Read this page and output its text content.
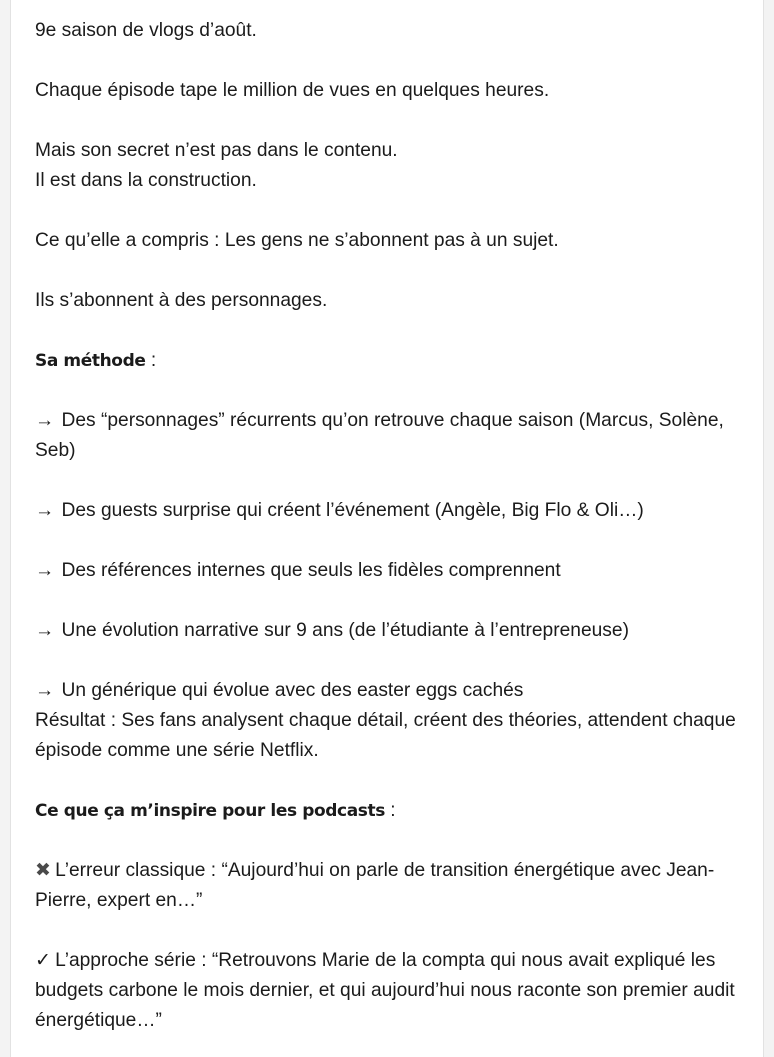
9e saison de vlogs d’août.

Chaque épisode tape le million de vues en quelques heures.

Mais son secret n’est pas dans le contenu.
Il est dans la construction.

Ce qu’elle a compris : Les gens ne s’abonnent pas à un sujet.

Ils s’abonnent à des personnages.

Sa méthode :

→ Des “personnages” récurrents qu’on retrouve chaque saison (Marcus, Solène, Seb)

→ Des guests surprise qui créent l’événement (Angèle, Big Flo & Oli…)

→ Des références internes que seuls les fidèles comprennent

→ Une évolution narrative sur 9 ans (de l’étudiante à l’entrepreneuse)

→ Un générique qui évolue avec des easter eggs cachés
Résultat : Ses fans analysent chaque détail, créent des théories, attendent chaque épisode comme une série Netflix.

Ce que ça m’inspire pour les podcasts :

✖ L’erreur classique : “Aujourd’hui on parle de transition énergétique avec Jean-Pierre, expert en…”

✓ L’approche série : “Retrouvons Marie de la compta qui nous avait expliqué les budgets carbone le mois dernier, et qui aujourd’hui nous raconte son premier audit énergétique…”
